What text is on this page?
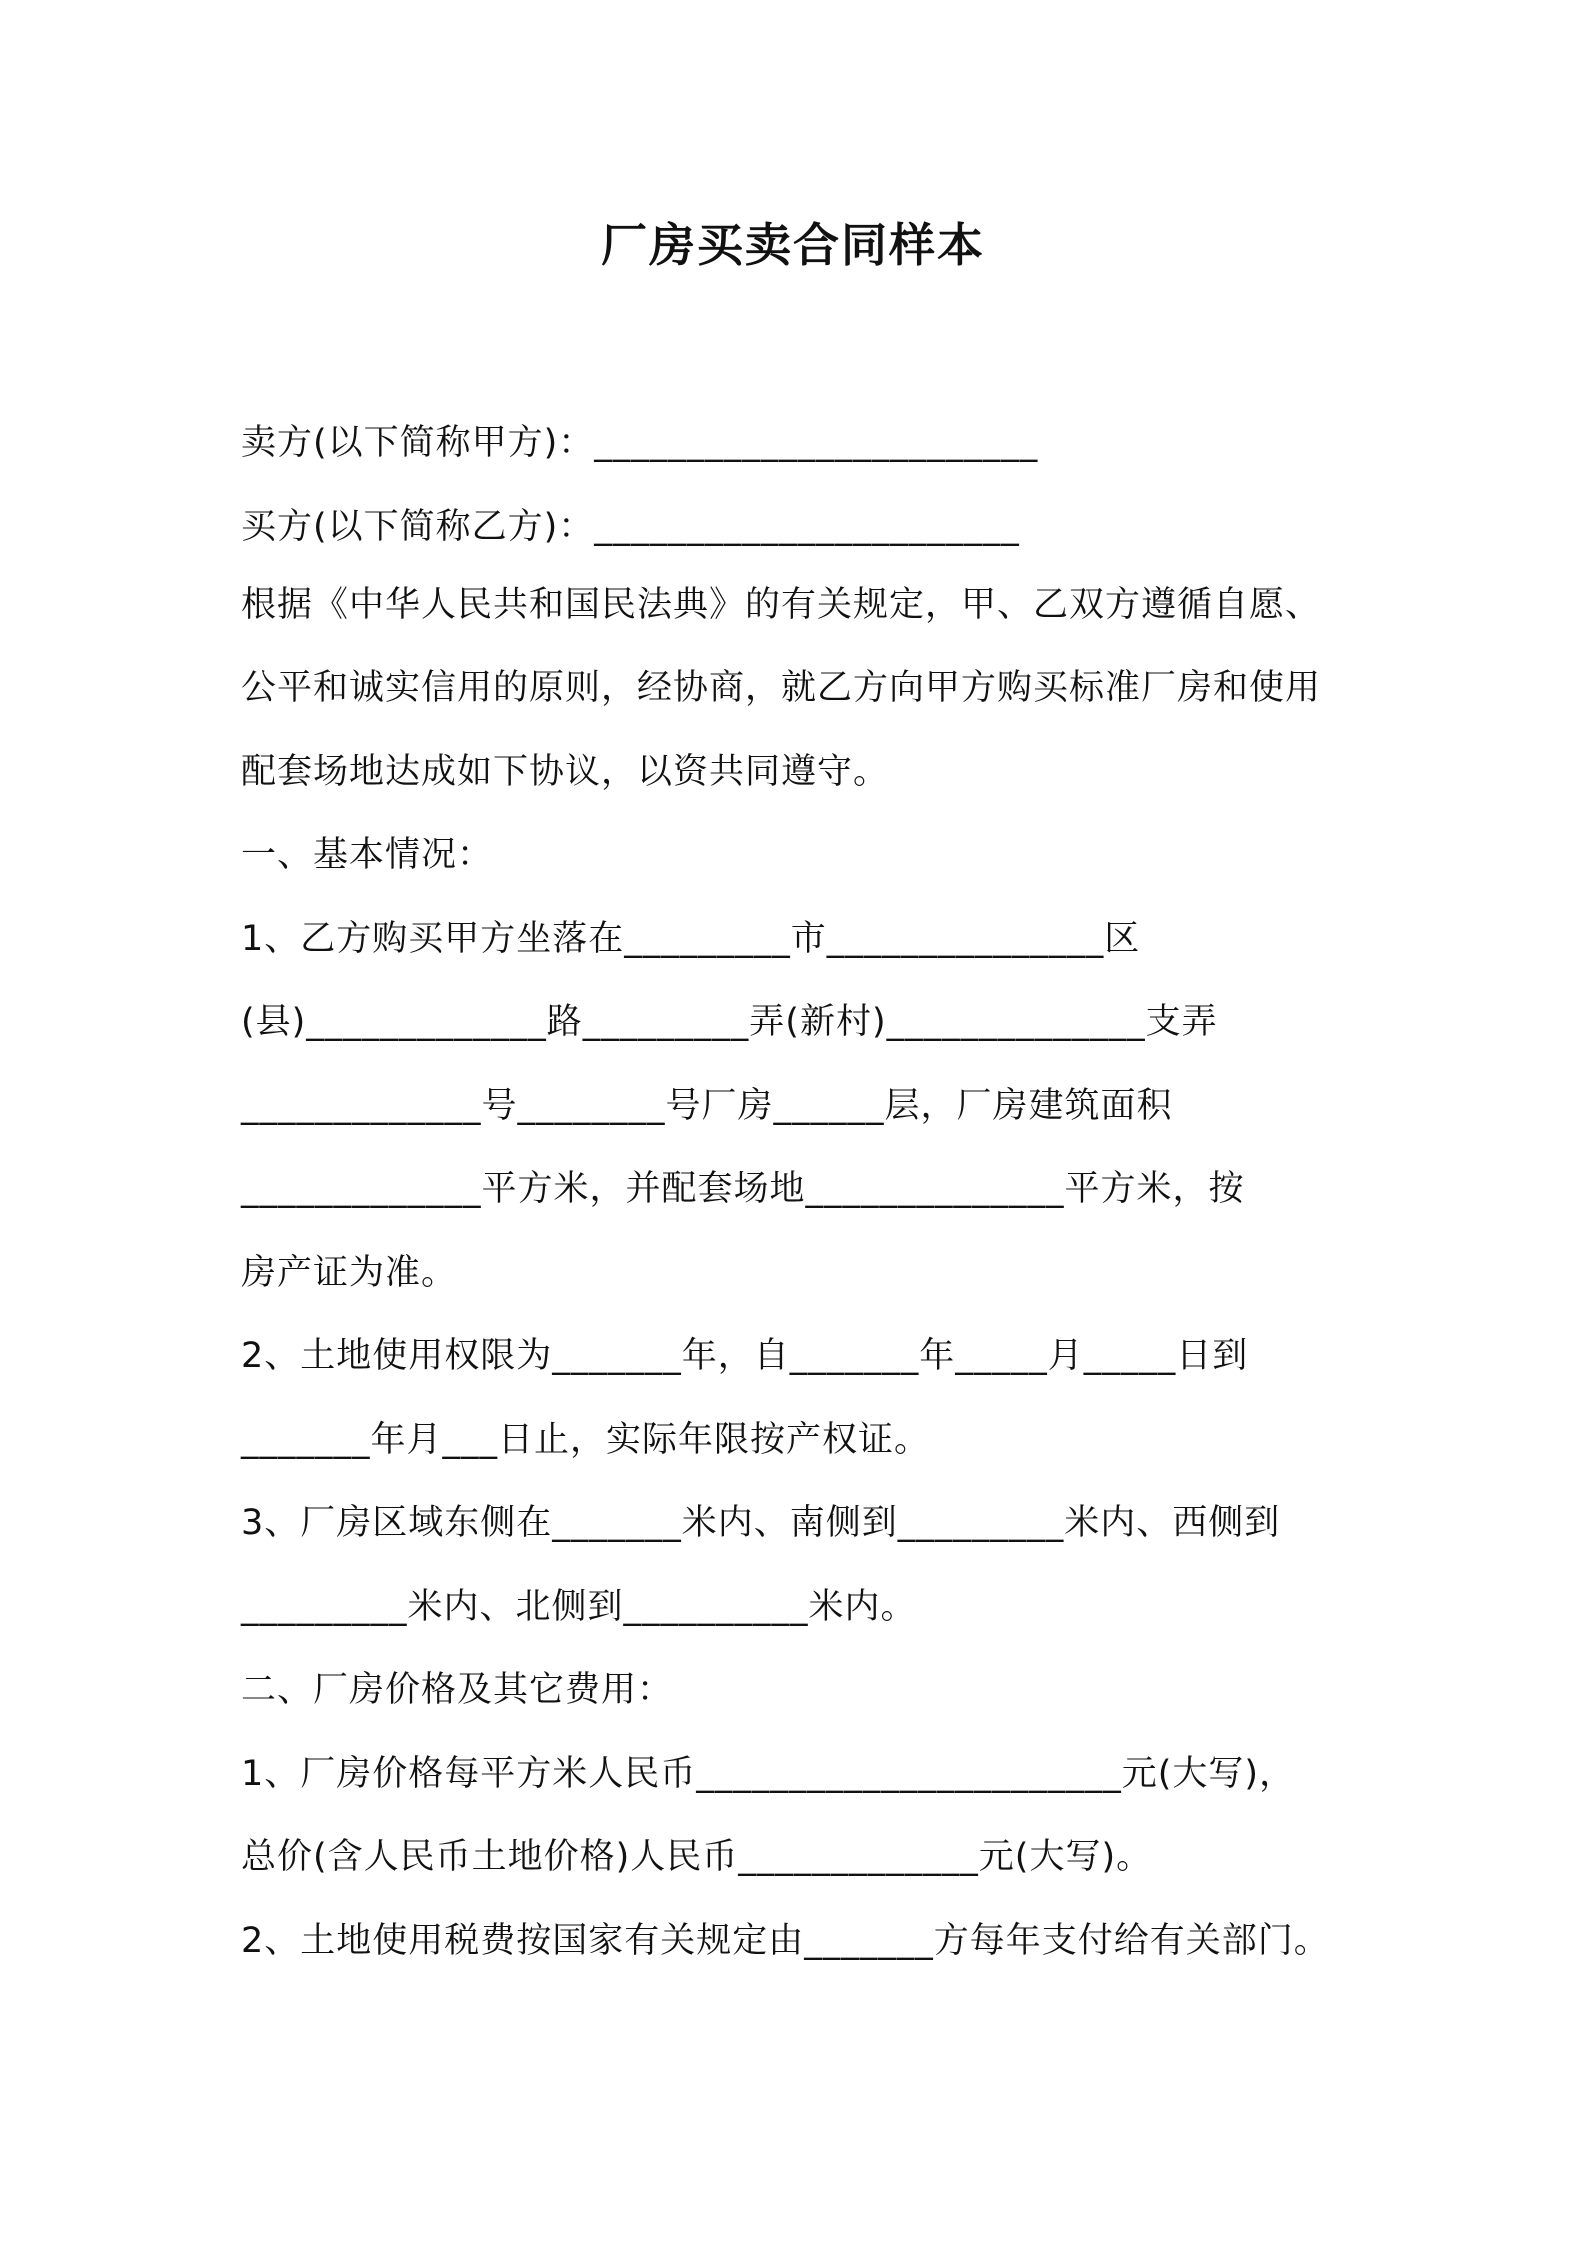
厂房买卖合同样本
卖方(以下简称甲方)：________________________
买方(以下简称乙方)：_______________________
根据《中华人民共和国民法典》的有关规定，甲、乙双方遵循自愿、
公平和诚实信用的原则，经协商，就乙方向甲方购买标准厂房和使用
配套场地达成如下协议，以资共同遵守。
一、基本情况：
1、乙方购买甲方坐落在_________市_______________区
(县)_____________路_________弄(新村)______________支弄
_____________号________号厂房______层，厂房建筑面积
_____________平方米，并配套场地______________平方米，按
房产证为准。
2、土地使用权限为_______年，自_______年_____月_____日到
_______年月___日止，实际年限按产权证。
3、厂房区域东侧在_______米内、南侧到_________米内、西侧到
_________米内、北侧到__________米内。
二、厂房价格及其它费用：
1、厂房价格每平方米人民币_______________________元(大写)，
总价(含人民币土地价格)人民币_____________元(大写)。
2、土地使用税费按国家有关规定由_______方每年支付给有关部门。
